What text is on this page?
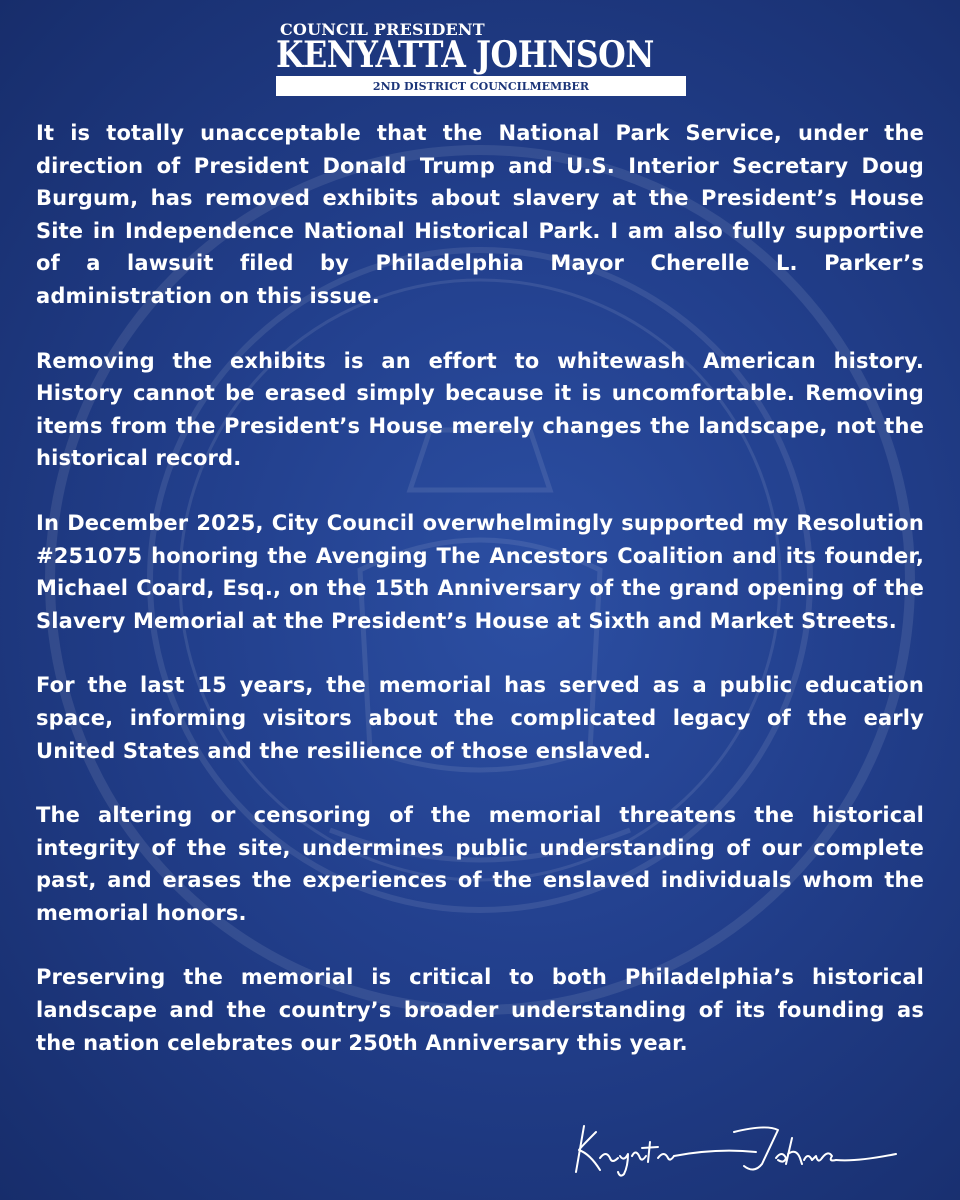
COUNCIL PRESIDENT
KENYATTA JOHNSON
2ND DISTRICT COUNCILMEMBER

It is totally unacceptable that the National Park Service, under the direction of President Donald Trump and U.S. Interior Secretary Doug Burgum, has removed exhibits about slavery at the President’s House Site in Independence National Historical Park. I am also fully supportive of a lawsuit filed by Philadelphia Mayor Cherelle L. Parker’s administration on this issue.

Removing the exhibits is an effort to whitewash American history. History cannot be erased simply because it is uncomfortable. Removing items from the President’s House merely changes the landscape, not the historical record.

In December 2025, City Council overwhelmingly supported my Resolution #251075 honoring the Avenging The Ancestors Coalition and its founder, Michael Coard, Esq., on the 15th Anniversary of the grand opening of the Slavery Memorial at the President’s House at Sixth and Market Streets.

For the last 15 years, the memorial has served as a public education space, informing visitors about the complicated legacy of the early United States and the resilience of those enslaved.

The altering or censoring of the memorial threatens the historical integrity of the site, undermines public understanding of our complete past, and erases the experiences of the enslaved individuals whom the memorial honors.

Preserving the memorial is critical to both Philadelphia’s historical landscape and the country’s broader understanding of its founding as the nation celebrates our 250th Anniversary this year.
